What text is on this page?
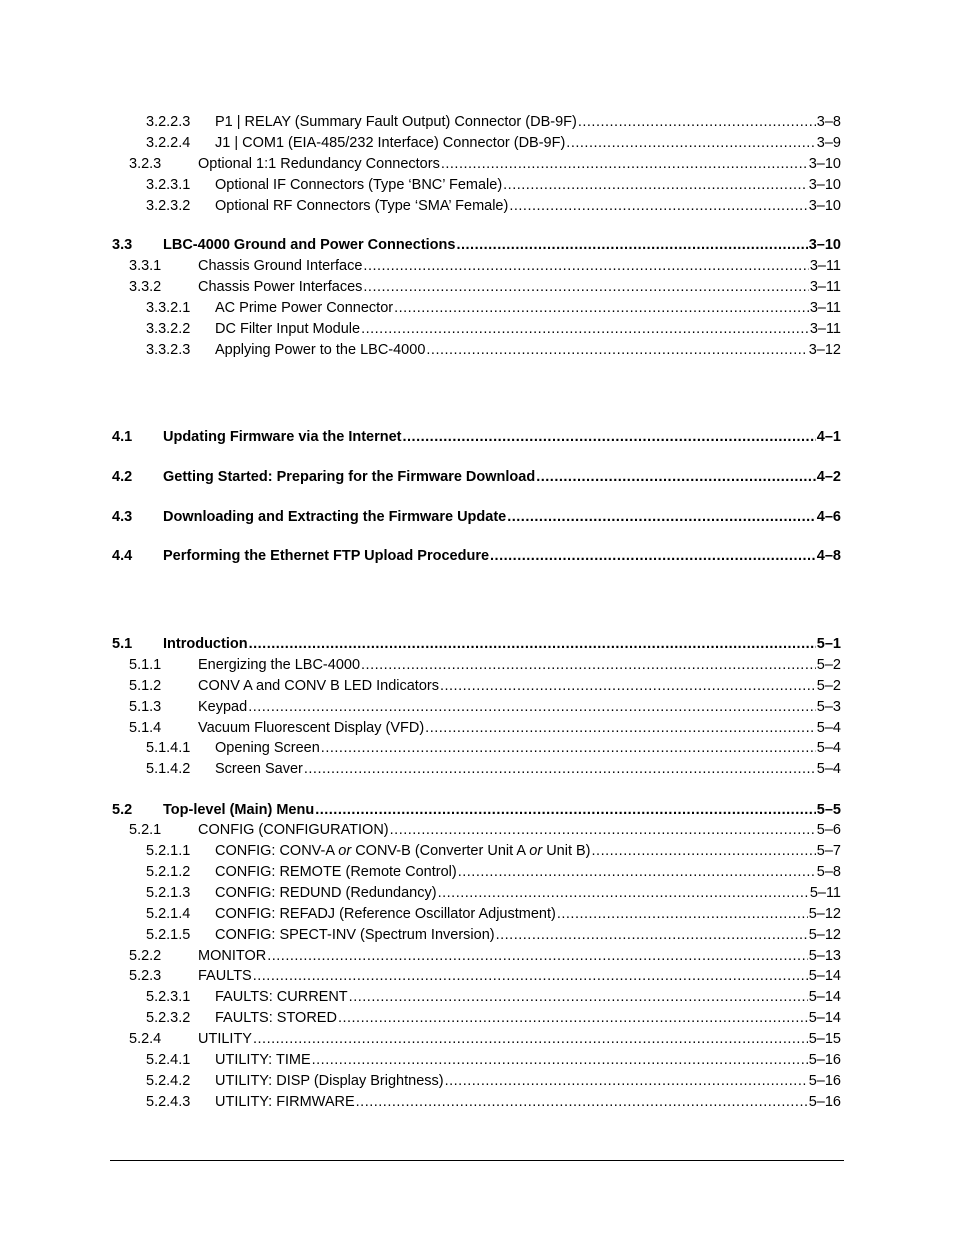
3.2.2.3 P1 | RELAY (Summary Fault Output) Connector (DB-9F) .....	3–8
3.2.2.4 J1 | COM1 (EIA-485/232 Interface) Connector (DB-9F) .....	3–9
3.2.3	Optional 1:1 Redundancy Connectors .....	3–10
3.2.3.1 Optional IF Connectors (Type ‘BNC’ Female) .....	3–10
3.2.3.2 Optional RF Connectors (Type ‘SMA’ Female) .....	3–10
3.3 LBC-4000 Ground and Power Connections .....	3–10
3.3.1	Chassis Ground Interface .....	3–11
3.3.2	Chassis Power Interfaces .....	3–11
3.3.2.1 AC Prime Power Connector .....	3–11
3.3.2.2 DC Filter Input Module .....	3–11
3.3.2.3 Applying Power to the LBC-4000 .....	3–12
4.1 Updating Firmware via the Internet .....	4–1
4.2 Getting Started: Preparing for the Firmware Download .....	4–2
4.3 Downloading and Extracting the Firmware Update .....	4–6
4.4 Performing the Ethernet FTP Upload Procedure .....	4–8
5.1 Introduction .....	5–1
5.1.1	Energizing the LBC-4000 .....	5–2
5.1.2	CONV A and CONV B LED Indicators .....	5–2
5.1.3	Keypad .....	5–3
5.1.4	Vacuum Fluorescent Display (VFD) .....	5–4
5.1.4.1 Opening Screen .....	5–4
5.1.4.2 Screen Saver .....	5–4
5.2 Top-level (Main) Menu .....	5–5
5.2.1	CONFIG (CONFIGURATION) .....	5–6
5.2.1.1 CONFIG: CONV-A or CONV-B (Converter Unit A or Unit B) .....	5–7
5.2.1.2 CONFIG: REMOTE (Remote Control) .....	5–8
5.2.1.3 CONFIG: REDUND (Redundancy) .....	5–11
5.2.1.4 CONFIG: REFADJ (Reference Oscillator Adjustment) .....	5–12
5.2.1.5 CONFIG: SPECT-INV (Spectrum Inversion) .....	5–12
5.2.2	MONITOR .....	5–13
5.2.3	FAULTS .....	5–14
5.2.3.1 FAULTS: CURRENT .....	5–14
5.2.3.2 FAULTS: STORED .....	5–14
5.2.4	UTILITY .....	5–15
5.2.4.1 UTILITY: TIME .....	5–16
5.2.4.2 UTILITY: DISP (Display Brightness) .....	5–16
5.2.4.3 UTILITY: FIRMWARE .....	5–16
